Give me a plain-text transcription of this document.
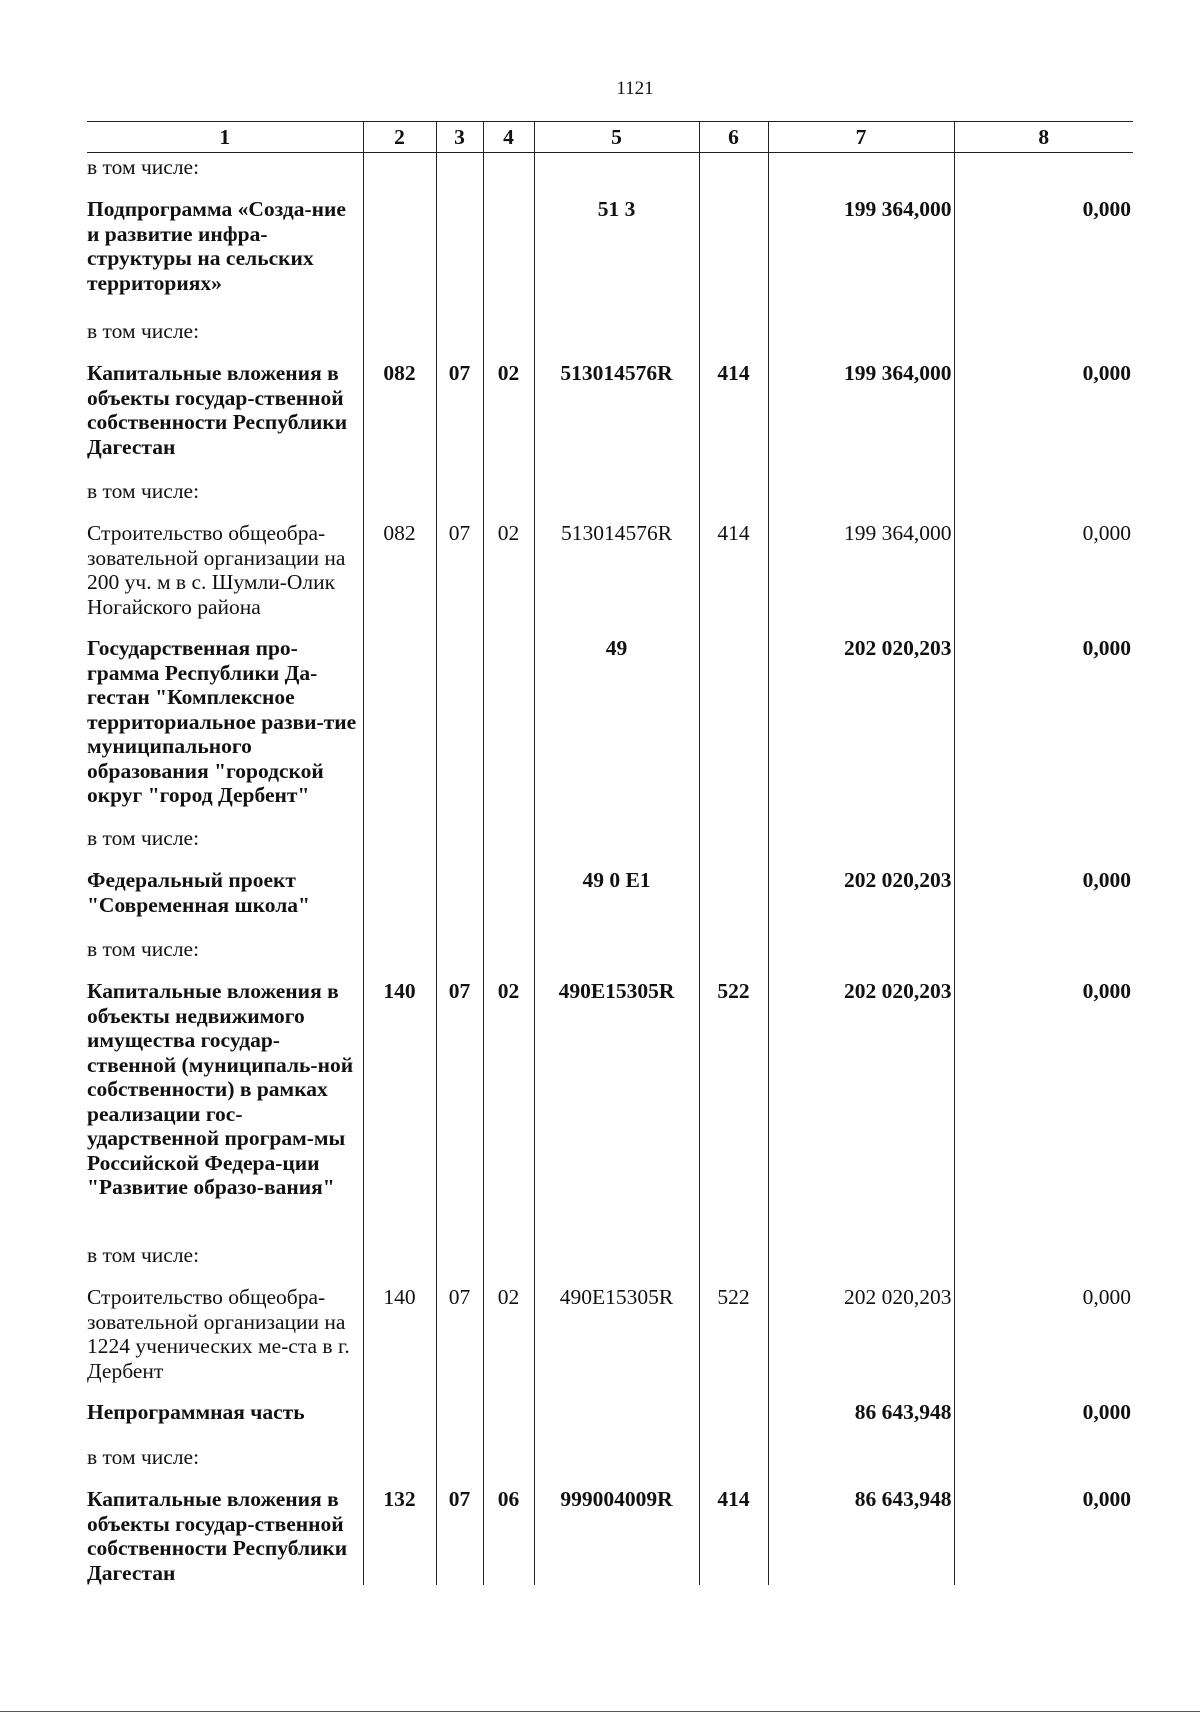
1121
1	2	3	4	5	6	7	8
в том числе:							
Подпрограмма «Созда-ние и развитие инфра-структуры на сельских территориях»				51 3		199 364,000	0,000
в том числе:							
Капитальные вложения в объекты государ-ственной собственности Республики Дагестан	082	07	02	513014576R	414	199 364,000	0,000
в том числе:							
Строительство общеобра-зовательной организации на 200 уч. м в с. Шумли-Олик Ногайского района	082	07	02	513014576R	414	199 364,000	0,000
Государственная про-грамма Республики Да-гестан "Комплексное территориальное разви-тие муниципального образования "городской округ "город Дербент"				49		202 020,203	0,000
в том числе:							
Федеральный проект "Современная школа"				49 0 E1		202 020,203	0,000
в том числе:							
Капитальные вложения в объекты недвижимого имущества государ-ственной (муниципаль-ной собственности) в рамках реализации гос-ударственной програм-мы Российской Федера-ции "Развитие образо-вания"	140	07	02	490E15305R	522	202 020,203	0,000
в том числе:							
Строительство общеобра-зовательной организации на 1224 ученических ме-ста в г. Дербент	140	07	02	490E15305R	522	202 020,203	0,000
Непрограммная часть						86 643,948	0,000
в том числе:							
Капитальные вложения в объекты государ-ственной собственности Республики Дагестан	132	07	06	999004009R	414	86 643,948	0,000
